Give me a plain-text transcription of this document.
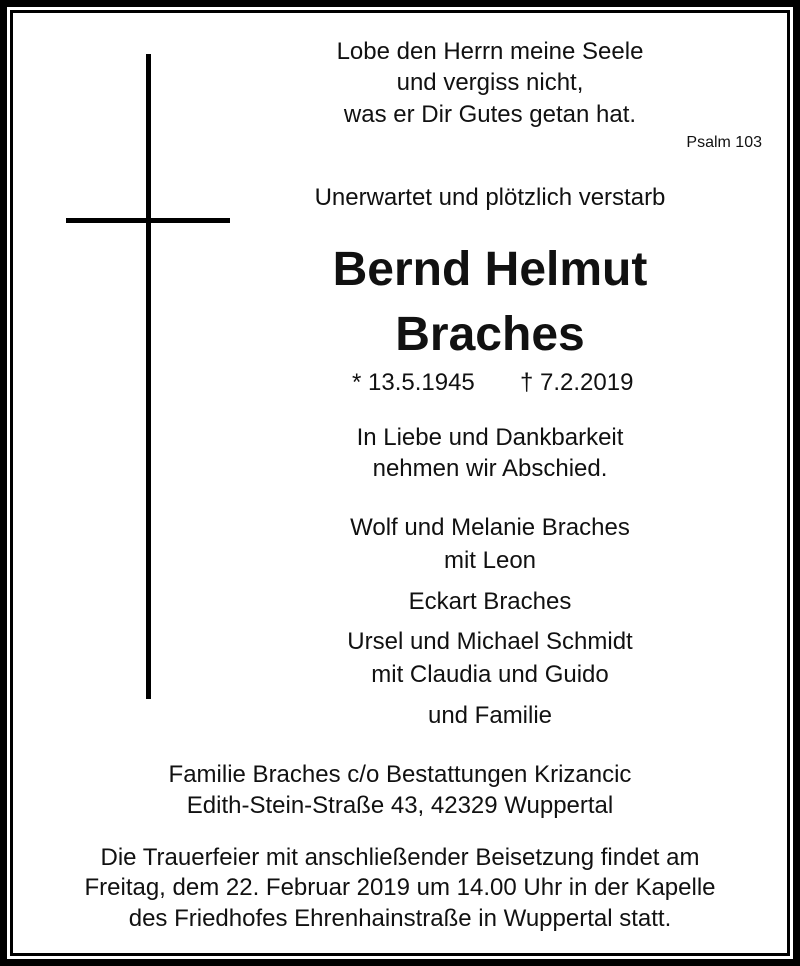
Lobe den Herrn meine Seele
und vergiss nicht,
was er Dir Gutes getan hat.
Psalm 103
Unerwartet und plötzlich verstarb
Bernd Helmut
Braches
* 13.5.1945 † 7.2.2019
In Liebe und Dankbarkeit
nehmen wir Abschied.
Wolf und Melanie Braches
mit Leon
Eckart Braches
Ursel und Michael Schmidt
mit Claudia und Guido
und Familie
Familie Braches c/o Bestattungen Krizancic
Edith-Stein-Straße 43, 42329 Wuppertal
Die Trauerfeier mit anschließender Beisetzung findet am
Freitag, dem 22. Februar 2019 um 14.00 Uhr in der Kapelle
des Friedhofes Ehrenhainstraße in Wuppertal statt.
